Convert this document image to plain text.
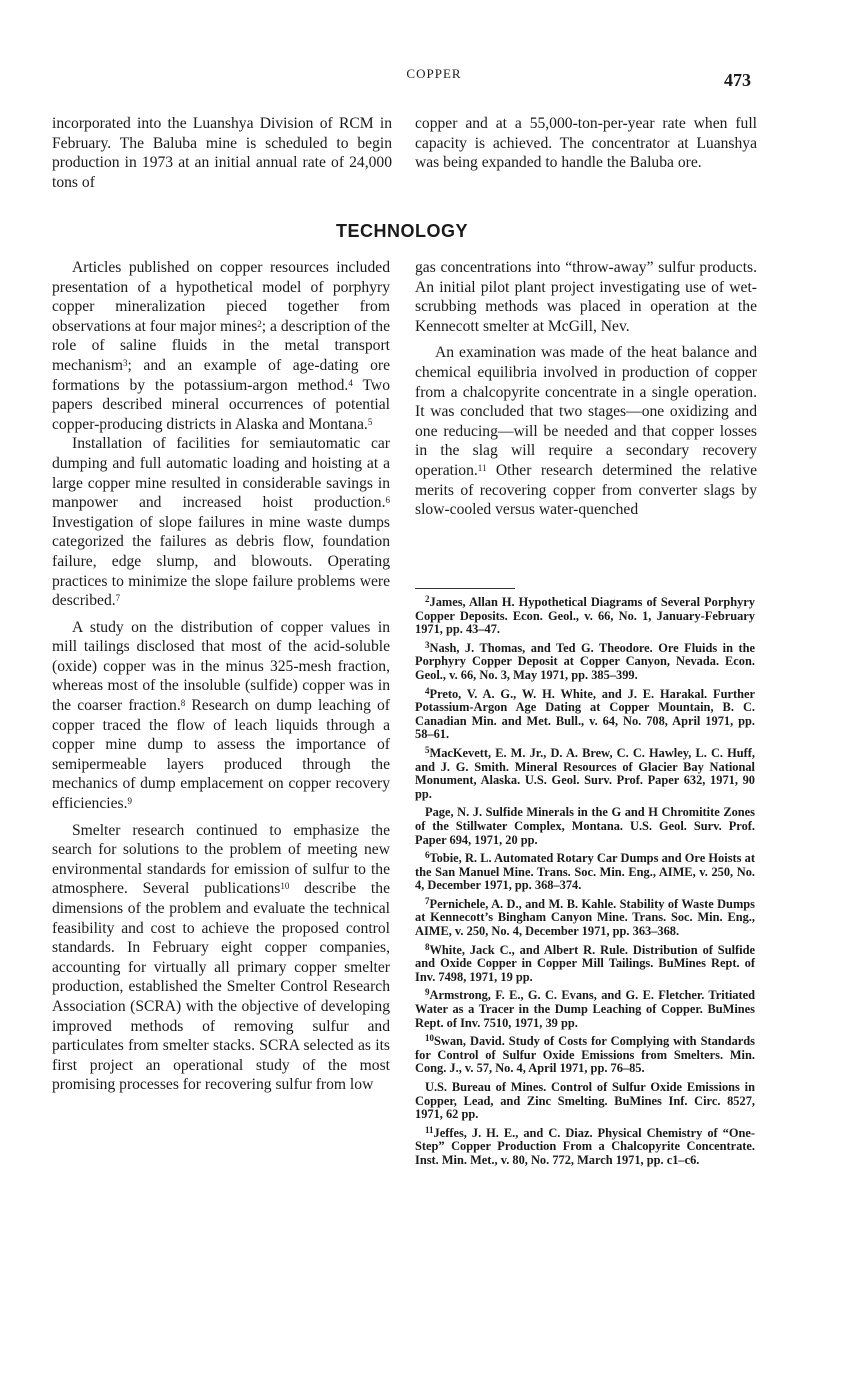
COPPER	473

incorporated into the Luanshya Division of RCM in February. The Baluba mine is scheduled to begin production in 1973 at an initial annual rate of 24,000 tons of

copper and at a 55,000-ton-per-year rate when full capacity is achieved. The concentrator at Luanshya was being expanded to handle the Baluba ore.

TECHNOLOGY

Articles published on copper resources included presentation of a hypothetical model of porphyry copper mineralization pieced together from observations at four major mines$^2$; a description of the role of saline fluids in the metal transport mechanism$^3$; and an example of age-dating ore formations by the potassium-argon method.$^4$ Two papers described mineral occurrences of potential copper-producing districts in Alaska and Montana.$^5$

Installation of facilities for semiautomatic car dumping and full automatic loading and hoisting at a large copper mine resulted in considerable savings in manpower and increased hoist production.$^6$ Investigation of slope failures in mine waste dumps categorized the failures as debris flow, foundation failure, edge slump, and blowouts. Operating practices to minimize the slope failure problems were described.$^7$

A study on the distribution of copper values in mill tailings disclosed that most of the acid-soluble (oxide) copper was in the minus 325-mesh fraction, whereas most of the insoluble (sulfide) copper was in the coarser fraction.$^8$ Research on dump leaching of copper traced the flow of leach liquids through a copper mine dump to assess the importance of semipermeable layers produced through the mechanics of dump emplacement on copper recovery efficiencies.$^9$

Smelter research continued to emphasize the search for solutions to the problem of meeting new environmental standards for emission of sulfur to the atmosphere. Several publications$^{10}$ describe the dimensions of the problem and evaluate the technical feasibility and cost to achieve the proposed control standards. In February eight copper companies, accounting for virtually all primary copper smelter production, established the Smelter Control Research Association (SCRA) with the objective of developing improved methods of removing sulfur and particulates from smelter stacks. SCRA selected as its first project an operational study of the most promising processes for recovering sulfur from low

gas concentrations into “throw-away” sulfur products. An initial pilot plant project investigating use of wet-scrubbing methods was placed in operation at the Kennecott smelter at McGill, Nev.

An examination was made of the heat balance and chemical equilibria involved in production of copper from a chalcopyrite concentrate in a single operation. It was concluded that two stages—one oxidizing and one reducing—will be needed and that copper losses in the slag will require a secondary recovery operation.$^{11}$ Other research determined the relative merits of recovering copper from converter slags by slow-cooled versus water-quenched

$^2$James, Allan H. Hypothetical Diagrams of Several Porphyry Copper Deposits. Econ. Geol., v. 66, No. 1, January-February 1971, pp. 43–47.

$^3$Nash, J. Thomas, and Ted G. Theodore. Ore Fluids in the Porphyry Copper Deposit at Copper Canyon, Nevada. Econ. Geol., v. 66, No. 3, May 1971, pp. 385–399.

$^4$Preto, V. A. G., W. H. White, and J. E. Harakal. Further Potassium-Argon Age Dating at Copper Mountain, B. C. Canadian Min. and Met. Bull., v. 64, No. 708, April 1971, pp. 58–61.

$^5$MacKevett, E. M. Jr., D. A. Brew, C. C. Hawley, L. C. Huff, and J. G. Smith. Mineral Resources of Glacier Bay National Monument, Alaska. U.S. Geol. Surv. Prof. Paper 632, 1971, 90 pp.

Page, N. J. Sulfide Minerals in the G and H Chromitite Zones of the Stillwater Complex, Montana. U.S. Geol. Surv. Prof. Paper 694, 1971, 20 pp.

$^6$Tobie, R. L. Automated Rotary Car Dumps and Ore Hoists at the San Manuel Mine. Trans. Soc. Min. Eng., AIME, v. 250, No. 4, December 1971, pp. 368–374.

$^7$Pernichele, A. D., and M. B. Kahle. Stability of Waste Dumps at Kennecott’s Bingham Canyon Mine. Trans. Soc. Min. Eng., AIME, v. 250, No. 4, December 1971, pp. 363–368.

$^8$White, Jack C., and Albert R. Rule. Distribution of Sulfide and Oxide Copper in Copper Mill Tailings. BuMines Rept. of Inv. 7498, 1971, 19 pp.

$^9$Armstrong, F. E., G. C. Evans, and G. E. Fletcher. Tritiated Water as a Tracer in the Dump Leaching of Copper. BuMines Rept. of Inv. 7510, 1971, 39 pp.

$^{10}$Swan, David. Study of Costs for Complying with Standards for Control of Sulfur Oxide Emissions from Smelters. Min. Cong. J., v. 57, No. 4, April 1971, pp. 76–85.

U.S. Bureau of Mines. Control of Sulfur Oxide Emissions in Copper, Lead, and Zinc Smelting. BuMines Inf. Circ. 8527, 1971, 62 pp.

$^{11}$Jeffes, J. H. E., and C. Diaz. Physical Chemistry of “One-Step” Copper Production From a Chalcopyrite Concentrate. Inst. Min. Met., v. 80, No. 772, March 1971, pp. c1–c6.
